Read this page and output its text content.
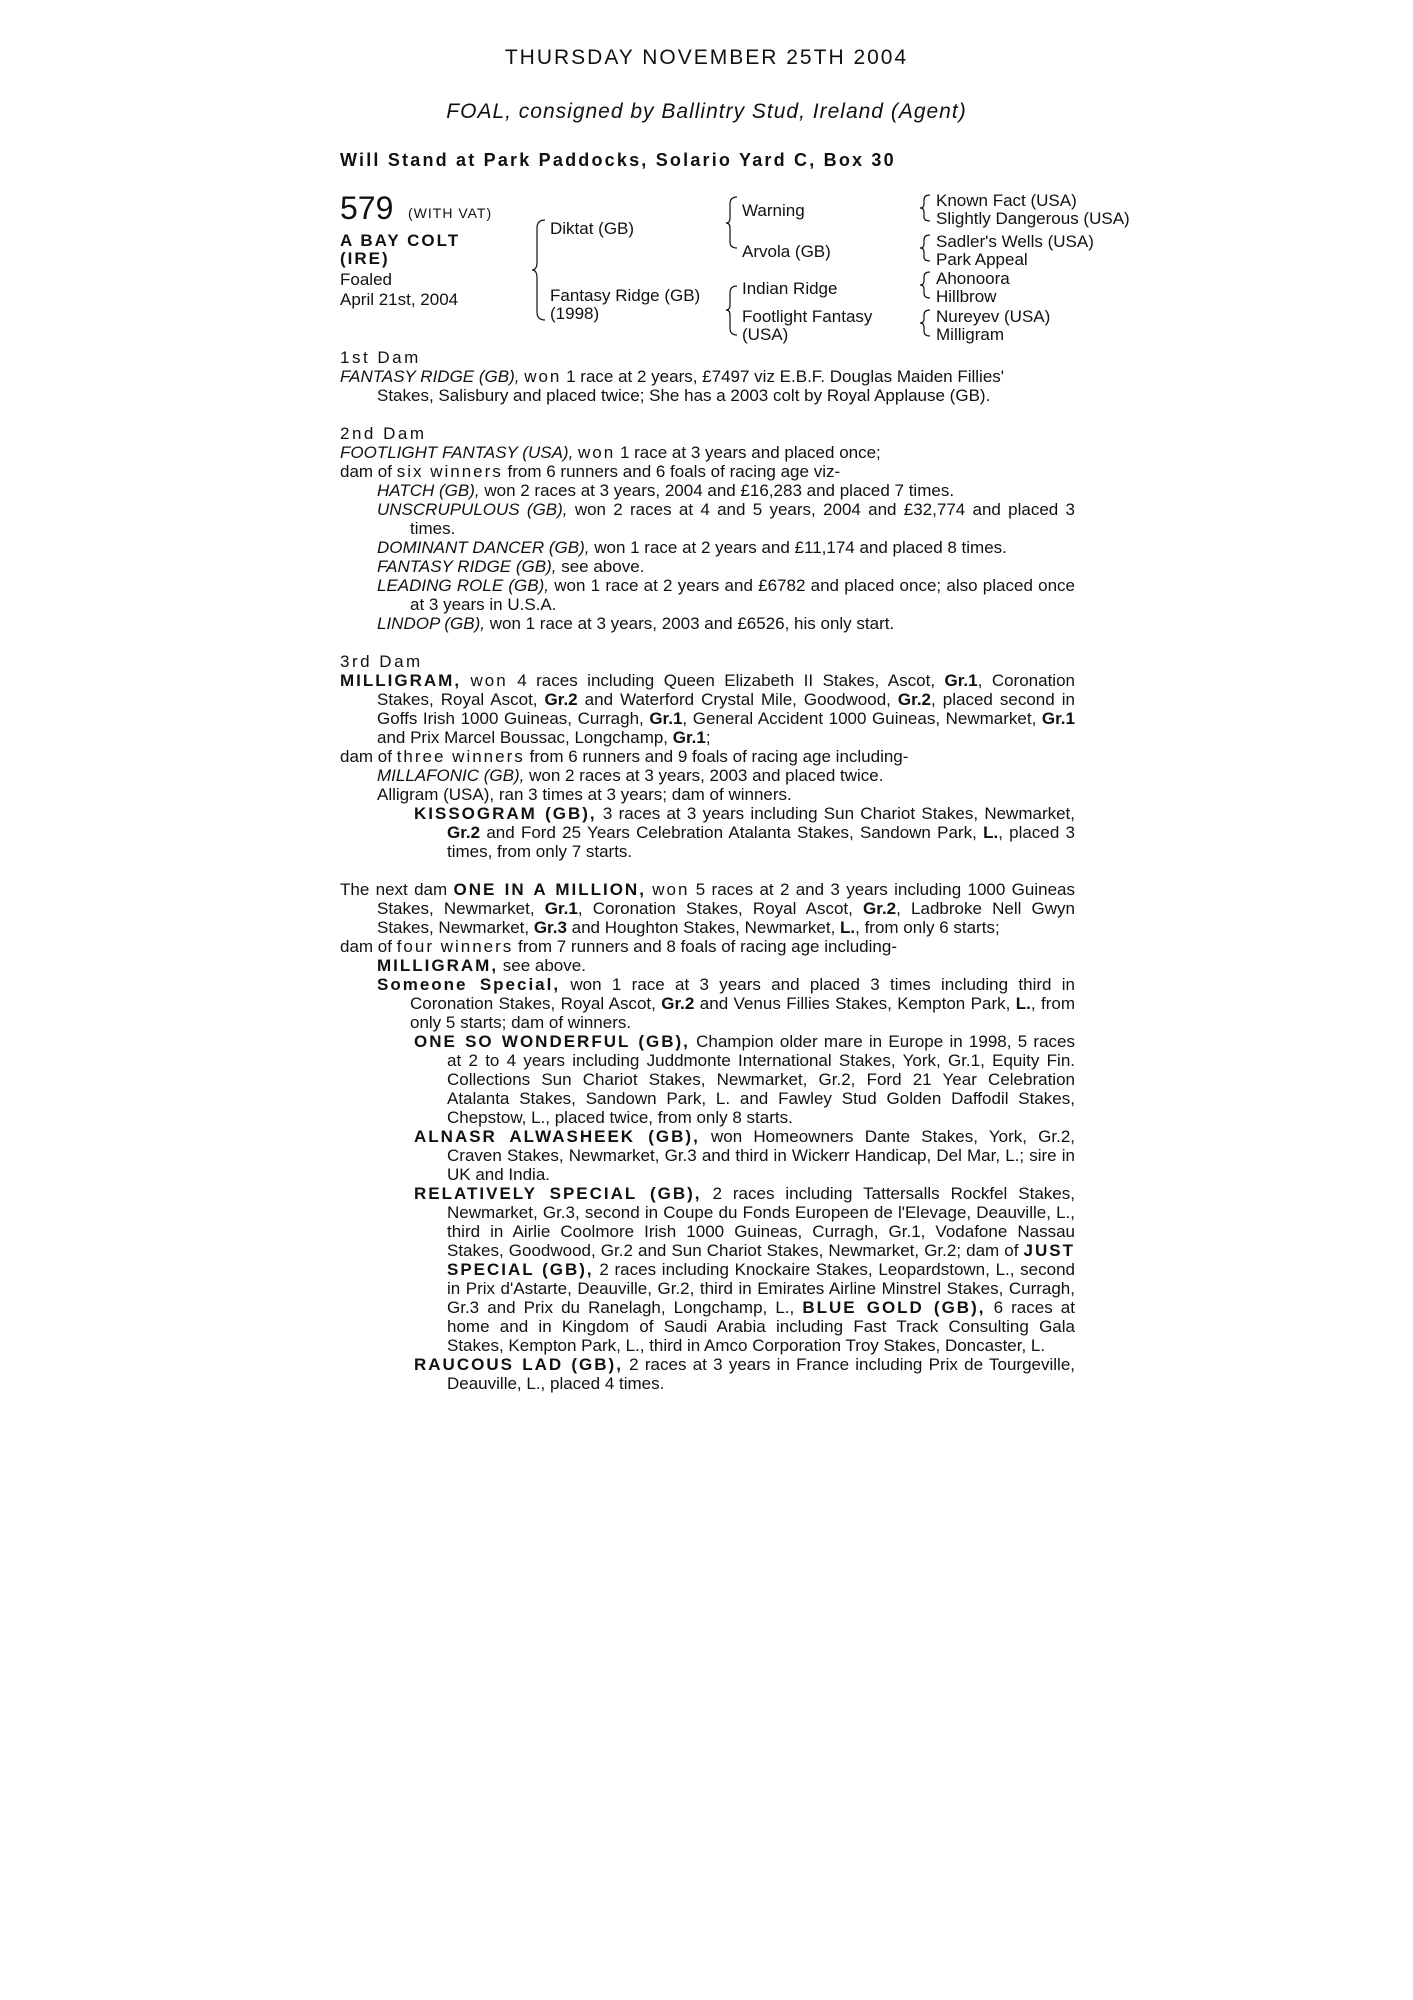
THURSDAY NOVEMBER 25TH 2004
FOAL, consigned by Ballintry Stud, Ireland (Agent)
Will Stand at Park Paddocks, Solario Yard C, Box 30
579 (WITH VAT)
A BAY COLT
(IRE)
Foaled
April 21st, 2004
Diktat (GB)
Fantasy Ridge (GB)
(1998)
Warning
Arvola (GB)
Indian Ridge
Footlight Fantasy
(USA)
Known Fact (USA)
Slightly Dangerous (USA)
Sadler's Wells (USA)
Park Appeal
Ahonoora
Hillbrow
Nureyev (USA)
Milligram
1st Dam
FANTASY RIDGE (GB), won 1 race at 2 years, £7497 viz E.B.F. Douglas Maiden Fillies'
Stakes, Salisbury and placed twice; She has a 2003 colt by Royal Applause (GB).
2nd Dam
FOOTLIGHT FANTASY (USA), won 1 race at 3 years and placed once;
dam of six winners from 6 runners and 6 foals of racing age viz-
HATCH (GB), won 2 races at 3 years, 2004 and £16,283 and placed 7 times.
UNSCRUPULOUS (GB), won 2 races at 4 and 5 years, 2004 and £32,774 and placed 3 times.
DOMINANT DANCER (GB), won 1 race at 2 years and £11,174 and placed 8 times.
FANTASY RIDGE (GB), see above.
LEADING ROLE (GB), won 1 race at 2 years and £6782 and placed once; also placed once at 3 years in U.S.A.
LINDOP (GB), won 1 race at 3 years, 2003 and £6526, his only start.
3rd Dam
MILLIGRAM, won 4 races including Queen Elizabeth II Stakes, Ascot, Gr.1, Coronation Stakes, Royal Ascot, Gr.2 and Waterford Crystal Mile, Goodwood, Gr.2, placed second in Goffs Irish 1000 Guineas, Curragh, Gr.1, General Accident 1000 Guineas, Newmarket, Gr.1 and Prix Marcel Boussac, Longchamp, Gr.1;
dam of three winners from 6 runners and 9 foals of racing age including-
MILLAFONIC (GB), won 2 races at 3 years, 2003 and placed twice.
Alligram (USA), ran 3 times at 3 years; dam of winners.
KISSOGRAM (GB), 3 races at 3 years including Sun Chariot Stakes, Newmarket, Gr.2 and Ford 25 Years Celebration Atalanta Stakes, Sandown Park, L., placed 3 times, from only 7 starts.
The next dam ONE IN A MILLION, won 5 races at 2 and 3 years including 1000 Guineas Stakes, Newmarket, Gr.1, Coronation Stakes, Royal Ascot, Gr.2, Ladbroke Nell Gwyn Stakes, Newmarket, Gr.3 and Houghton Stakes, Newmarket, L., from only 6 starts;
dam of four winners from 7 runners and 8 foals of racing age including-
MILLIGRAM, see above.
Someone Special, won 1 race at 3 years and placed 3 times including third in Coronation Stakes, Royal Ascot, Gr.2 and Venus Fillies Stakes, Kempton Park, L., from only 5 starts; dam of winners.
ONE SO WONDERFUL (GB), Champion older mare in Europe in 1998, 5 races at 2 to 4 years including Juddmonte International Stakes, York, Gr.1, Equity Fin. Collections Sun Chariot Stakes, Newmarket, Gr.2, Ford 21 Year Celebration Atalanta Stakes, Sandown Park, L. and Fawley Stud Golden Daffodil Stakes, Chepstow, L., placed twice, from only 8 starts.
ALNASR ALWASHEEK (GB), won Homeowners Dante Stakes, York, Gr.2, Craven Stakes, Newmarket, Gr.3 and third in Wickerr Handicap, Del Mar, L.; sire in UK and India.
RELATIVELY SPECIAL (GB), 2 races including Tattersalls Rockfel Stakes, Newmarket, Gr.3, second in Coupe du Fonds Europeen de l'Elevage, Deauville, L., third in Airlie Coolmore Irish 1000 Guineas, Curragh, Gr.1, Vodafone Nassau Stakes, Goodwood, Gr.2 and Sun Chariot Stakes, Newmarket, Gr.2; dam of JUST SPECIAL (GB), 2 races including Knockaire Stakes, Leopardstown, L., second in Prix d'Astarte, Deauville, Gr.2, third in Emirates Airline Minstrel Stakes, Curragh, Gr.3 and Prix du Ranelagh, Longchamp, L., BLUE GOLD (GB), 6 races at home and in Kingdom of Saudi Arabia including Fast Track Consulting Gala Stakes, Kempton Park, L., third in Amco Corporation Troy Stakes, Doncaster, L.
RAUCOUS LAD (GB), 2 races at 3 years in France including Prix de Tourgeville, Deauville, L., placed 4 times.
